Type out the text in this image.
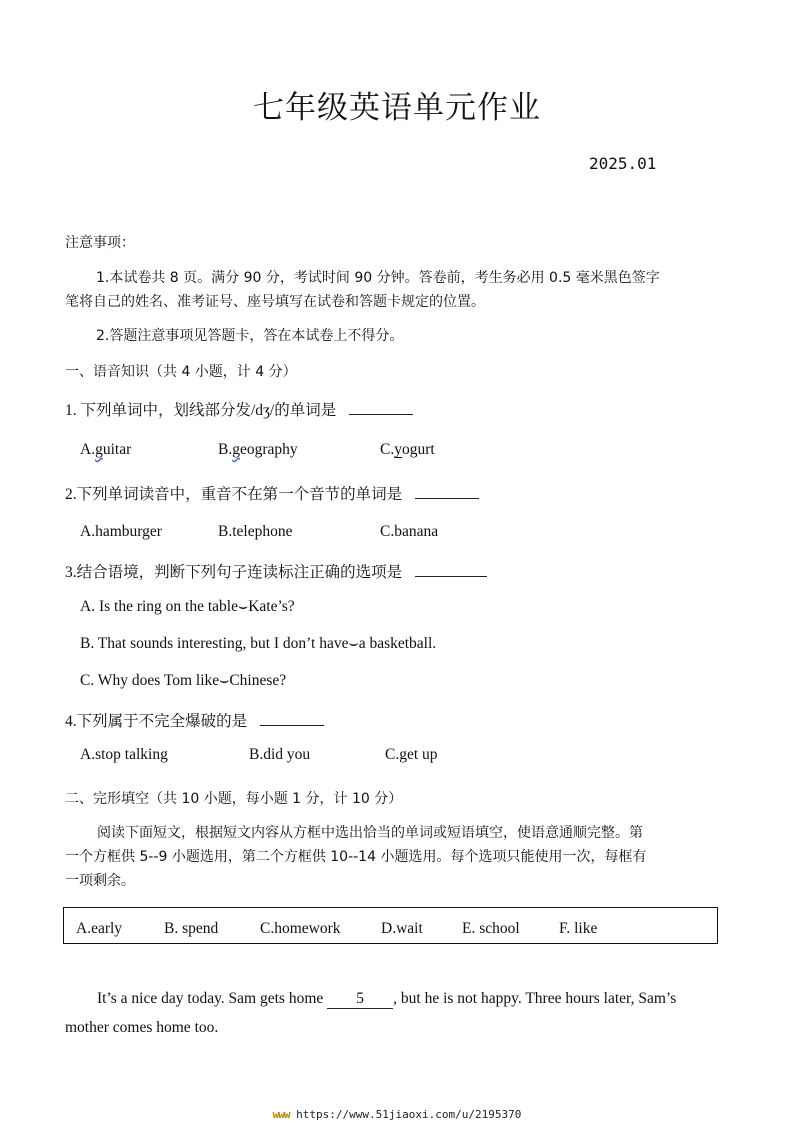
七年级英语单元作业
2025.01
注意事项：
1.本试卷共 8 页。满分 90 分，考试时间 90 分钟。答卷前，考生务必用 0.5 毫米黑色签字
笔将自己的姓名、准考证号、座号填写在试卷和答题卡规定的位置。
2.答题注意事项见答题卡，答在本试卷上不得分。
一、语音知识（共 4 小题，计 4 分）
1. 下列单词中，划线部分发/dʒ/的单词是
A.guitar	B.geography	C.yogurt
2.下列单词读音中，重音不在第一个音节的单词是
A.hamburger	B.telephone	C.banana
3.结合语境，判断下列句子连读标注正确的选项是
A. Is the ring on the table⌣Kate’s?
B. That sounds interesting, but I don’t have⌣a basketball.
C. Why does Tom like⌣Chinese?
4.下列属于不完全爆破的是
A.stop talking	B.did you	C.get up
二、完形填空（共 10 小题，每小题 1 分，计 10 分）
阅读下面短文，根据短文内容从方框中选出恰当的单词或短语填空，使语意通顺完整。第
一个方框供 5--9 小题选用，第二个方框供 10--14 小题选用。每个选项只能使用一次，每框有
一项剩余。
A.early	B. spend	C.homework	D.wait	E. school	F. like
It’s a nice day today. Sam gets home 5 , but he is not happy. Three hours later, Sam’s
mother comes home too.
www https://www.51jiaoxi.com/u/2195370
